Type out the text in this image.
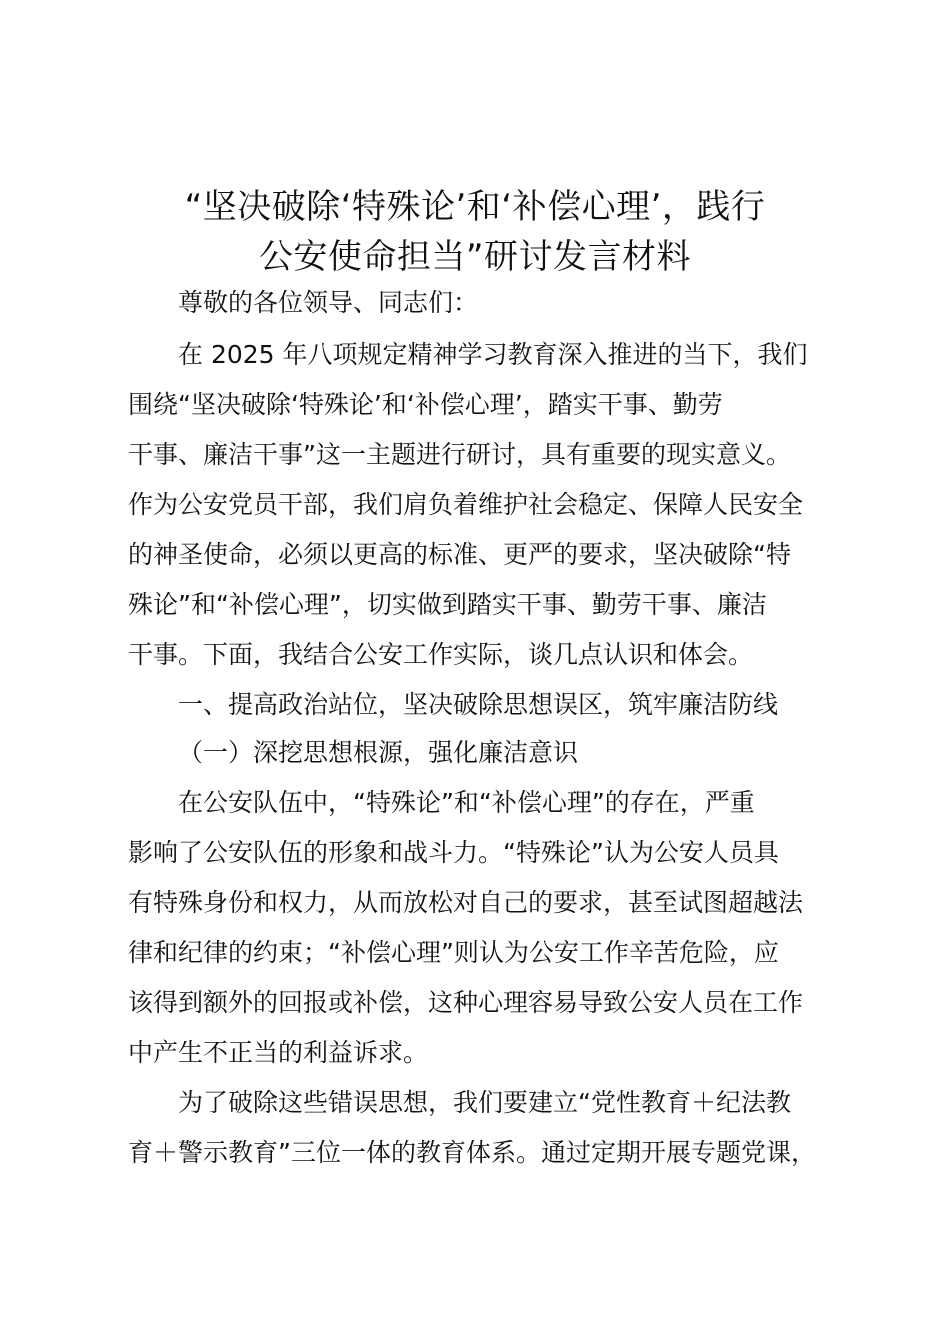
“坚决破除‘特殊论’和‘补偿心理’，践行
公安使命担当”研讨发言材料
尊敬的各位领导、同志们：
在 2025 年八项规定精神学习教育深入推进的当下，我们
围绕“坚决破除‘特殊论’和‘补偿心理’，踏实干事、勤劳
干事、廉洁干事”这一主题进行研讨，具有重要的现实意义。
作为公安党员干部，我们肩负着维护社会稳定、保障人民安全
的神圣使命，必须以更高的标准、更严的要求，坚决破除“特
殊论”和“补偿心理”，切实做到踏实干事、勤劳干事、廉洁
干事。下面，我结合公安工作实际，谈几点认识和体会。
一、提高政治站位，坚决破除思想误区，筑牢廉洁防线
（一）深挖思想根源，强化廉洁意识
在公安队伍中，“特殊论”和“补偿心理”的存在，严重
影响了公安队伍的形象和战斗力。“特殊论”认为公安人员具
有特殊身份和权力，从而放松对自己的要求，甚至试图超越法
律和纪律的约束；“补偿心理”则认为公安工作辛苦危险，应
该得到额外的回报或补偿，这种心理容易导致公安人员在工作
中产生不正当的利益诉求。
为了破除这些错误思想，我们要建立“党性教育＋纪法教
育＋警示教育”三位一体的教育体系。通过定期开展专题党课，
